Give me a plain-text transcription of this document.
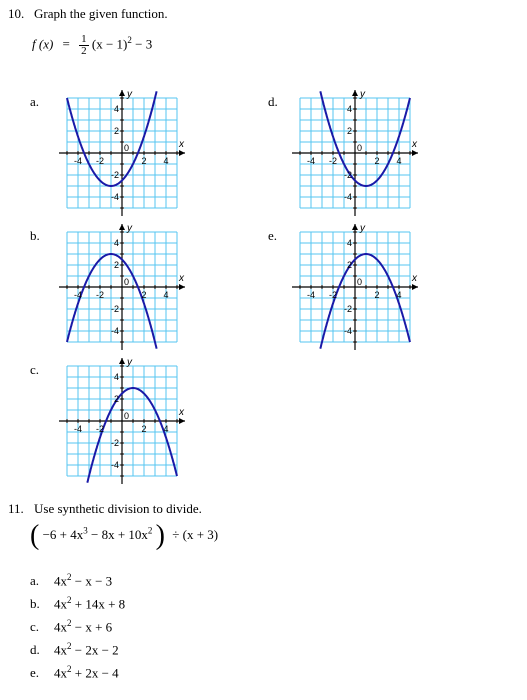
10. Graph the given function.
f $(x) = \frac{1}{2} (x - 1)^2 - 3$
a.
b.
c.
d.
e.
-4 -2	2 4
4
2
-2
-4
0	x
y
-4 -2	2 4
4
2
-2
-4
0	x
y
-4 -2	2 4
4
2
-2
-4
0	x
y
-4 -2	2 4
4
2
-2
-4
0	x
y
-4 -2	2 4
4
2
-2
-4
0	x
y
11. Use synthetic division to divide.
( $-6 + 4x^3 - 8x + 10x^2$ ) ÷ (x + 3)
a. $4x^2 - x - 3$
b. $4x^2 + 14x + 8$
c. $4x^2 - x + 6$
d. $4x^2 - 2x - 2$
e. $4x^2 + 2x - 4$
